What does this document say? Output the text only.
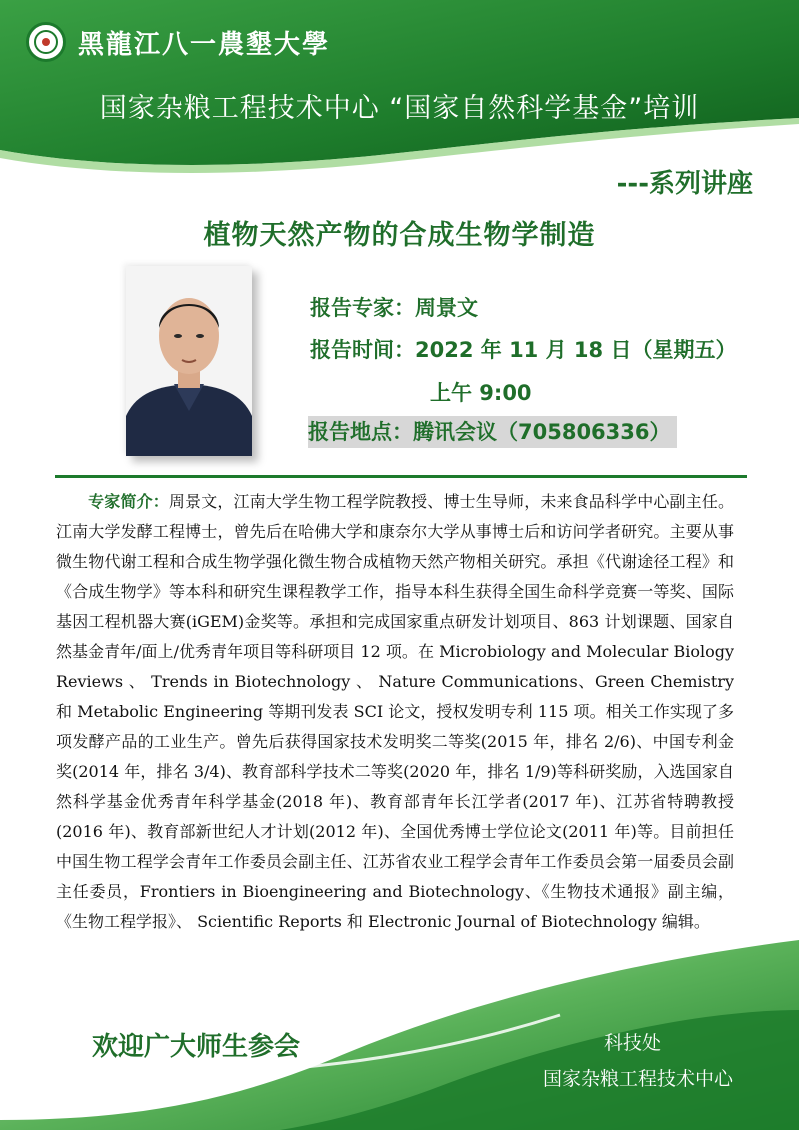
黑龍江八一農墾大學
国家杂粮工程技术中心 “国家自然科学基金”培训
---系列讲座
植物天然产物的合成生物学制造
报告专家：周景文
报告时间：2022 年 11 月 18 日（星期五）
上午 9:00
报告地点：腾讯会议（705806336）
专家简介：周景文，江南大学生物工程学院教授、博士生导师，未来食品科学中心副主任。江南大学发酵工程博士，曾先后在哈佛大学和康奈尔大学从事博士后和访问学者研究。主要从事微生物代谢工程和合成生物学强化微生物合成植物天然产物相关研究。承担《代谢途径工程》和《合成生物学》等本科和研究生课程教学工作，指导本科生获得全国生命科学竞赛一等奖、国际基因工程机器大赛(iGEM)金奖等。承担和完成国家重点研发计划项目、863 计划课题、国家自然基金青年/面上/优秀青年项目等科研项目 12 项。在 Microbiology and Molecular Biology Reviews 、 Trends in Biotechnology 、 Nature Communications、Green Chemistry 和 Metabolic Engineering 等期刊发表 SCI 论文，授权发明专利 115 项。相关工作实现了多项发酵产品的工业生产。曾先后获得国家技术发明奖二等奖(2015 年，排名 2/6)、中国专利金奖(2014 年，排名 3/4)、教育部科学技术二等奖(2020 年，排名 1/9)等科研奖励，入选国家自然科学基金优秀青年科学基金(2018 年)、教育部青年长江学者(2017 年)、江苏省特聘教授(2016 年)、教育部新世纪人才计划(2012 年)、全国优秀博士学位论文(2011 年)等。目前担任中国生物工程学会青年工作委员会副主任、江苏省农业工程学会青年工作委员会第一届委员会副主任委员，Frontiers in Bioengineering and Biotechnology、《生物技术通报》副主编，《生物工程学报》、 Scientific Reports 和 Electronic Journal of Biotechnology 编辑。
欢迎广大师生参会	科技处
国家杂粮工程技术中心
